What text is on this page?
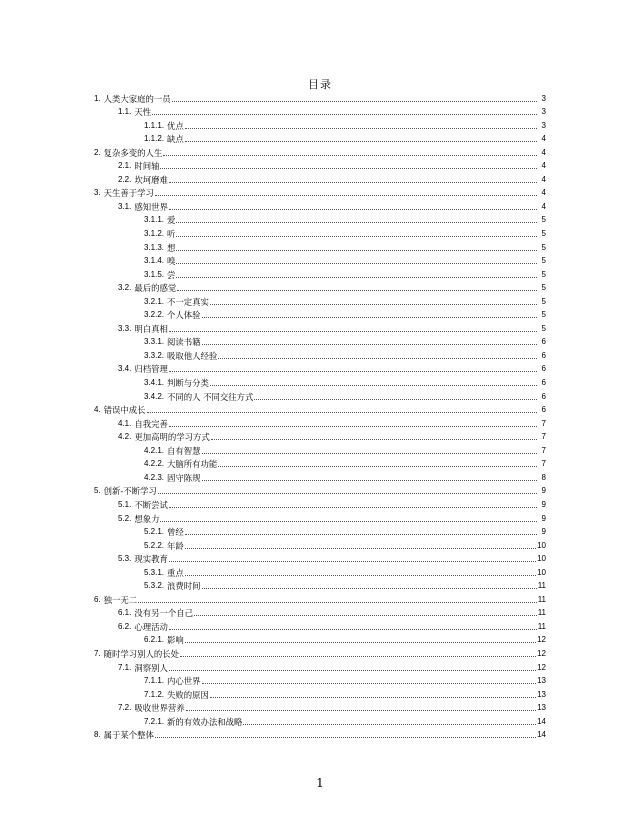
目录
1. 人类大家庭的一员	3
1.1. 天性	3
1.1.1. 优点	3
1.1.2. 缺点	4
2. 复杂多变的人生	4
2.1. 时间轴	4
2.2. 坎坷磨难	4
3. 天生善于学习	4
3.1. 感知世界	4
3.1.1. 爱	5
3.1.2. 听	5
3.1.3. 想	5
3.1.4. 嗅	5
3.1.5. 尝	5
3.2. 最后的感觉	5
3.2.1. 不一定真实	5
3.2.2. 个人体验	5
3.3. 明白真相	5
3.3.1. 阅读书籍	6
3.3.2. 吸取他人经验	6
3.4. 归档管理	6
3.4.1. 判断与分类	6
3.4.2. 不同的人 不同交往方式	6
4. 错误中成长	6
4.1. 自我完善	7
4.2. 更加高明的学习方式	7
4.2.1. 自有智慧	7
4.2.2. 大脑所有功能	7
4.2.3. 固守陈规	8
5. 创新-不断学习	9
5.1. 不断尝试	9
5.2. 想象力	9
5.2.1. 曾经	9
5.2.2. 年龄	10
5.3. 现实教育	10
5.3.1. 重点	10
5.3.2. 浪费时间	11
6. 独一无二	11
6.1. 没有另一个自己	11
6.2. 心理活动	11
6.2.1. 影响	12
7. 随时学习别人的长处	12
7.1. 洞察别人	12
7.1.1. 内心世界	13
7.1.2. 失败的原因	13
7.2. 吸收世界营养	13
7.2.1. 新的有效办法和战略	14
8. 属于某个整体	14
1
